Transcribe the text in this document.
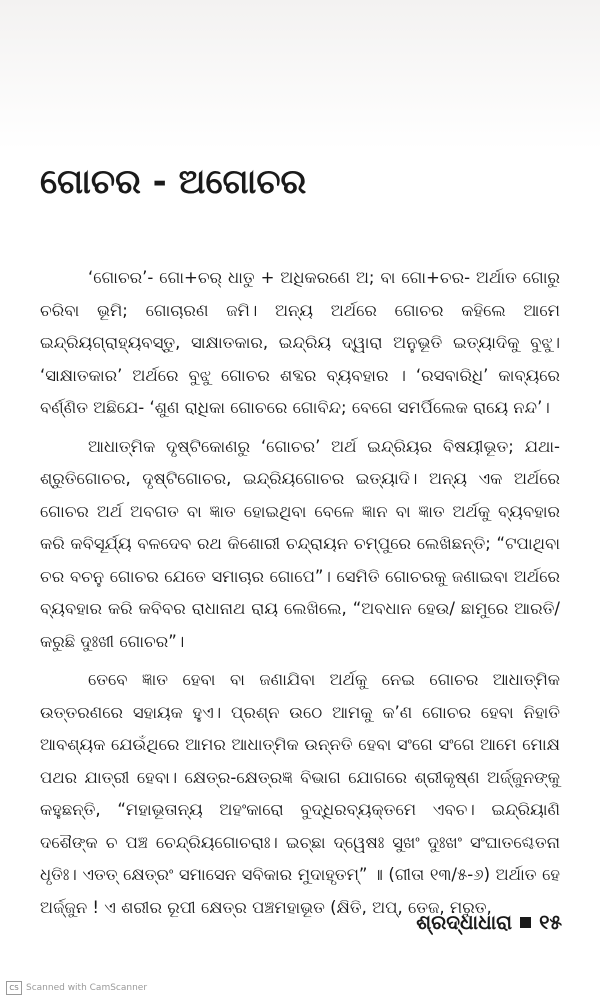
ଗୋଚର - ଅଗୋଚର

‘ଗୋଚର’- ଗୋ+ଚର୍ ଧାତୁ + ଅଧିକରଣେ ଅ; ବା ଗୋ+ଚର- ଅର୍ଥାତ ଗୋରୁ ଚରିବା ଭୂମି; ଗୋଚାରଣ ଜମି। ଅନ୍ୟ ଅର୍ଥରେ ଗୋଚର କହିଲେ ଆମେ ଇନ୍ଦ୍ରିୟଗ୍ରାହ୍ୟବସ୍ତୁ, ସାକ୍ଷାତକାର, ଇନ୍ଦ୍ରିୟ ଦ୍ୱାରା ଅନୁଭୂତି ଇତ୍ୟାଦିକୁ ବୁଝୁ। ‘ସାକ୍ଷାତକାର’ ଅର୍ଥରେ ବୁଝୁ ଗୋଚର ଶବ୍ଦର ବ୍ୟବହାର । ‘ରସବାରିଧି’ କାବ୍ୟରେ ବର୍ଣ୍ଣିତ ଅଛିଯେ- ‘ଶୁଣ ରାଧିକା ଗୋଚରେ ଗୋବିନ୍ଦ; ବେଗେ ସମର୍ପିଲେକ ରାୟେ ନନ୍ଦ’।

ଆଧାତ୍ମିକ ଦୃଷ୍ଟିକୋଣରୁ ‘ଗୋଚର’ ଅର୍ଥ ଇନ୍ଦ୍ରିୟର ବିଷୟୀଭୂତ; ଯଥା- ଶ୍ରୁତିଗୋଚର, ଦୃଷ୍ଟିଗୋଚର, ଇନ୍ଦ୍ରିୟଗୋଚର ଇତ୍ୟାଦି। ଅନ୍ୟ ଏକ ଅର୍ଥରେ ଗୋଚର ଅର୍ଥ ଅବଗତ ବା ଜ୍ଞାତ ହୋଇଥିବା ବେଳେ ଜ୍ଞାନ ବା ଜ୍ଞାତ ଅର୍ଥକୁ ବ୍ୟବହାର କରି କବିସୂର୍ଯ୍ୟ ବଳଦେବ ରଥ କିଶୋରୀ ଚନ୍ଦ୍ରାୟନ ଚମ୍ପୁରେ ଲେଖିଛନ୍ତି; “ଟପାଥିବା ଚର ବଚନୁ ଗୋଚର ଯେତେ ସମାଚାର ଗୋପେ”। ସେମିତି ଗୋଚରକୁ ଜଣାଇବା ଅର୍ଥରେ ବ୍ୟବହାର କରି କବିବର ରାଧାନାଥ ରାୟ ଲେଖିଲେ, “ଅବଧାନ ହେଉ/ ଛାମୁରେ ଆରତି/ କରୁଛି ଦୁଃଖୀ ଗୋଚର”।

ତେବେ ଜ୍ଞାତ ହେବା ବା ଜଣାଯିବା ଅର୍ଥକୁ ନେଇ ଗୋଚର ଆଧାତ୍ମିକ ଉତ୍ତରଣରେ ସହାୟକ ହୁଏ। ପ୍ରଶ୍ନ ଉଠେ ଆମକୁ କ’ଣ ଗୋଚର ହେବା ନିହାତି ଆବଶ୍ୟକ ଯେଉଁଥିରେ ଆମର ଆଧାତ୍ମିକ ଉନ୍ନତି ହେବା ସଂଗେ ସଂଗେ ଆମେ ମୋକ୍ଷ ପଥର ଯାତ୍ରୀ ହେବା। କ୍ଷେତ୍ର-କ୍ଷେତ୍ରଜ୍ଞ ବିଭାଗ ଯୋଗରେ ଶ୍ରୀକୃଷ୍ଣ ଅର୍ଜ୍ଜୁନଙ୍କୁ କହୁଛନ୍ତି, “ମହାଭୂତାନ୍ୟ ଅହଂକାରୋ ବୁଦ୍ଧିରବ୍ୟକ୍ତମେ ଏବଚ। ଇନ୍ଦ୍ରିୟାଣି ଦଶୈଙ୍କ ଚ ପଞ୍ଚ ଚେନ୍ଦ୍ରିୟଗୋଚରାଃ। ଇଚ୍ଛା ଦ୍ୱେଷଃ ସୁଖଂ ଦୁଃଖଂ ସଂଘାତଶ୍ଚେତନା ଧୃତିଃ। ଏତତ୍ କ୍ଷେତ୍ରଂ ସମାସେନ ସବିକାର ମୁଦାହୃତମ୍” ॥ (ଗୀତା ୧୩/୫-୬) ଅର୍ଥାତ ହେ ଅର୍ଜ୍ଜୁନ ! ଏ ଶରୀର ରୂପୀ କ୍ଷେତ୍ର ପଞ୍ଚମହାଭୂତ (କ୍ଷିତି, ଅପ୍, ତେଜ, ମରୁତ,

ଶ୍ରଦ୍ଧାଧାରା ୧୫
CS Scanned with CamScanner
